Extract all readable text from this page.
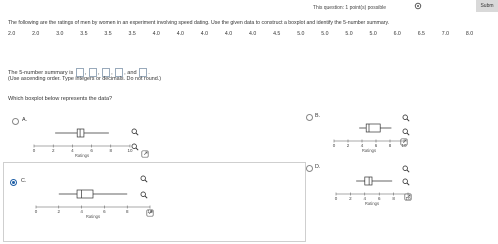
This question: 1 point(s) possible	Subm
The following are the ratings of men by women in an experiment involving speed dating. Use the given data to construct a boxplot and identify the 5-number summary.
2.0	2.0	3.0	3.5	3.5	3.5	4.0	4.0	4.0	4.0	4.0	4.5	5.0	5.0	5.0	5.0	6.0	6.5	7.0	8.0
The 5-number summary is , , , , and .
(Use ascending order. Type integers or decimals. Do not round.)
Which boxplot below represents the data?
A.
B.
C.
D.
0	2	4	6	8	10
Ratings
0	2	4	6	8 10
Ratings
0	2	4	6	8	10
Ratings
0	2	4	6	8 10
Ratings
